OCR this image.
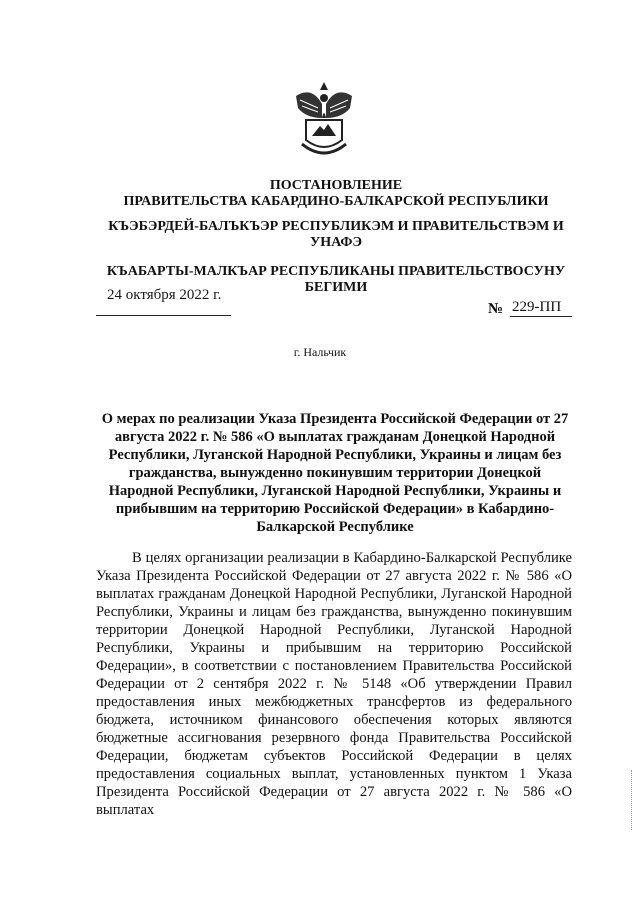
ПОСТАНОВЛЕНИЕ
ПРАВИТЕЛЬСТВА КАБАРДИНО-БАЛКАРСКОЙ РЕСПУБЛИКИ
КЪЭБЭРДЕЙ-БАЛЪКЪЭР РЕСПУБЛИКЭМ И ПРАВИТЕЛЬСТВЭМ И УНАФЭ
КЪАБАРТЫ-МАЛКЪАР РЕСПУБЛИКАНЫ ПРАВИТЕЛЬСТВОСУНУ БЕГИМИ
24 октября 2022 г.
№ 229-ПП
г. Нальчик
О мерах по реализации Указа Президента Российской Федерации от 27 августа 2022 г. № 586 «О выплатах гражданам Донецкой Народной Республики, Луганской Народной Республики, Украины и лицам без гражданства, вынужденно покинувшим территории Донецкой Народной Республики, Луганской Народной Республики, Украины и прибывшим на территорию Российской Федерации» в Кабардино-Балкарской Республике

В целях организации реализации в Кабардино-Балкарской Республике Указа Президента Российской Федерации от 27 августа 2022 г. № 586 «О выплатах гражданам Донецкой Народной Республики, Луганской Народной Республики, Украины и лицам без гражданства, вынужденно покинувшим территории Донецкой Народной Республики, Луганской Народной Республики, Украины и прибывшим на территорию Российской Федерации», в соответствии с постановлением Правительства Российской Федерации от 2 сентября 2022 г. № 5148 «Об утверждении Правил предоставления иных межбюджетных трансфертов из федерального бюджета, источником финансового обеспечения которых являются бюджетные ассигнования резервного фонда Правительства Российской Федерации, бюджетам субъектов Российской Федерации в целях предоставления социальных выплат, установленных пунктом 1 Указа Президента Российской Федерации от 27 августа 2022 г. № 586 «О выплатах
